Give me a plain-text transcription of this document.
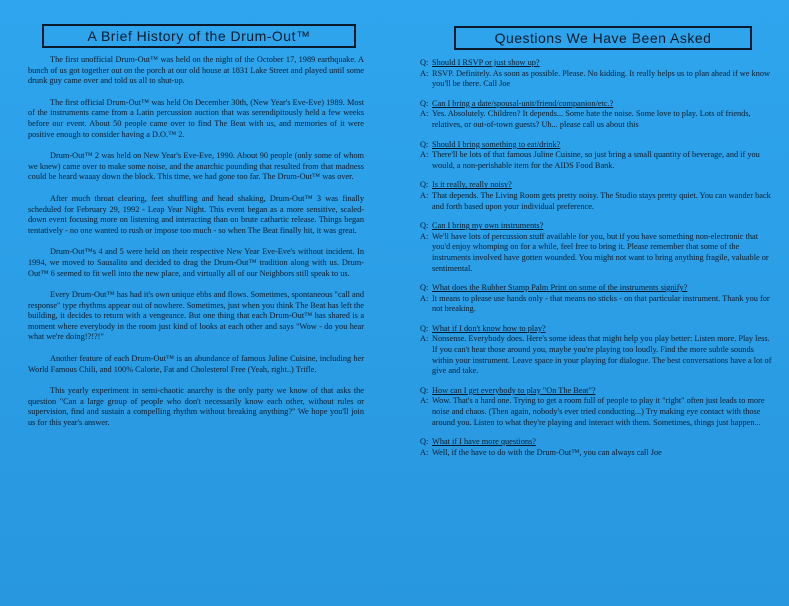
A Brief History of the Drum-Out™

The first unofficial Drum-Out™ was held on the night of the October 17, 1989 earthquake. A bunch of us got together out on the porch at our old house at 1831 Lake Street and played until some drunk guy came over and told us all to shut-up.

The first official Drum-Out™ was held On December 30th, (New Year's Eve-Eve) 1989. Most of the instruments came from a Latin percussion auction that was serendipitously held a few weeks before our event. About 50 people came over to find The Beat with us, and memories of it were positive enough to consider having a D.O.™ 2.

Drum-Out™ 2 was held on New Year's Eve-Eve, 1990. About 90 people (only some of whom we knew) came over to make some noise, and the anarchic pounding that resulted from that madness could be heard waaay down the block. This time, we had gone too far. The Drum-Out™ was over.

After much throat clearing, feet shuffling and head shaking, Drum-Out™ 3 was finally scheduled for February 29, 1992 - Leap Year Night. This event began as a more sensitive, scaled-down event focusing more on listening and interacting than on brute cathartic release. Things began tentatively - no one wanted to rush or impose too much - so when The Beat finally hit, it was great.

Drum-Out™s 4 and 5 were held on their respective New Year Eve-Eve's without incident. In 1994, we moved to Sausalito and decided to drag the Drum-Out™ tradition along with us. Drum-Out™ 6 seemed to fit well into the new place, and virtually all of our Neighbors still speak to us.

Every Drum-Out™ has had it's own unique ebbs and flows. Sometimes, spontaneous "call and response" type rhythms appear out of nowhere. Sometimes, just when you think The Beat has left the building, it decides to return with a vengeance. But one thing that each Drum-Out™ has shared is a moment where everybody in the room just kind of looks at each other and says "Wow - do you hear what we're doing!?!?!"

Another feature of each Drum-Out™ is an abundance of famous Juline Cuisine, including her World Famous Chili, and 100% Calorie, Fat and Cholesterol Free (Yeah, right..) Trifle.

This yearly experiment in semi-chaotic anarchy is the only party we know of that asks the question "Can a large group of people who don't necessarily know each other, without rules or supervision, find and sustain a compelling rhythm without breaking anything?" We hope you'll join us for this year's answer.

Questions We Have Been Asked
Q: Should I RSVP or just show up?
A: RSVP. Definitely. As soon as possible. Please. No kidding. It really helps us to plan ahead if we know you'll be there. Call Joe
Q: Can I bring a date/spousal-unit/friend/companion/etc.?
A: Yes. Absolutely. Children? It depends... Some hate the noise. Some love to play. Lots of friends, relatives, or out-of-town guests? Uh... please call us about this
Q: Should I bring something to eat/drink?
A: There'll be lots of that famous Juline Cuisine, so just bring a small quantity of beverage, and if you would, a non-perishable item for the AIDS Food Bank.
Q: Is it really, really noisy?
A: That depends. The Living Room gets pretty noisy. The Studio stays pretty quiet. You can wander back and forth based upon your individual preference.
Q: Can I bring my own instruments?
A: We'll have lots of percussion stuff available for you, but if you have something non-electronic that you'd enjoy whomping on for a while, feel free to bring it. Please remember that some of the instruments involved have gotten wounded. You might not want to bring anything fragile, valuable or sentimental.
Q: What does the Rubber Stamp Palm Print on some of the instruments signify?
A: It means to please use hands only - that means no sticks - on that particular instrument. Thank you for not breaking.
Q: What if I don't know how to play?
A: Nonsense. Everybody does. Here's some ideas that might help you play better: Listen more. Play less. If you can't hear those around you, maybe you're playing too loudly. Find the more subtle sounds within your instrument. Leave space in your playing for dialogue. The best conversations have a lot of give and take.
Q: How can I get everybody to play "On The Beat"?
A: Wow. That's a hard one. Trying to get a room full of people to play it "right" often just leads to more noise and chaos. (Then again, nobody's ever tried conducting...) Try making eye contact with those around you. Listen to what they're playing and interact with them. Sometimes, things just happen...
Q: What if I have more questions?
A: Well, if the have to do with the Drum-Out™, you can always call Joe
